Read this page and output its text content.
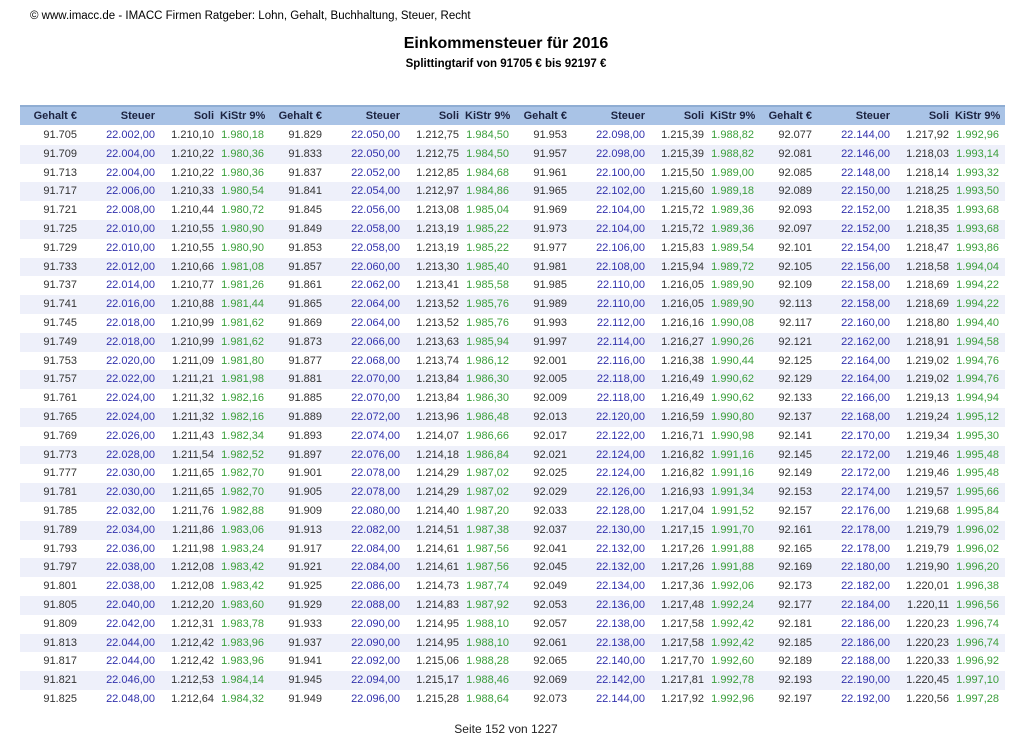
© www.imacc.de - IMACC Firmen Ratgeber: Lohn, Gehalt, Buchhaltung, Steuer, Recht
Einkommensteuer für 2016
Splittingtarif von 91705 € bis 92197 €
Gehalt €	Steuer	Soli	KiStr 9%	Gehalt €	Steuer	Soli	KiStr 9%	Gehalt €	Steuer	Soli	KiStr 9%	Gehalt €	Steuer	Soli	KiStr 9%
91.705	22.002,00	1.210,10	1.980,18	91.829	22.050,00	1.212,75	1.984,50	91.953	22.098,00	1.215,39	1.988,82	92.077	22.144,00	1.217,92	1.992,96
91.709	22.004,00	1.210,22	1.980,36	91.833	22.050,00	1.212,75	1.984,50	91.957	22.098,00	1.215,39	1.988,82	92.081	22.146,00	1.218,03	1.993,14
91.713	22.004,00	1.210,22	1.980,36	91.837	22.052,00	1.212,85	1.984,68	91.961	22.100,00	1.215,50	1.989,00	92.085	22.148,00	1.218,14	1.993,32
91.717	22.006,00	1.210,33	1.980,54	91.841	22.054,00	1.212,97	1.984,86	91.965	22.102,00	1.215,60	1.989,18	92.089	22.150,00	1.218,25	1.993,50
91.721	22.008,00	1.210,44	1.980,72	91.845	22.056,00	1.213,08	1.985,04	91.969	22.104,00	1.215,72	1.989,36	92.093	22.152,00	1.218,35	1.993,68
91.725	22.010,00	1.210,55	1.980,90	91.849	22.058,00	1.213,19	1.985,22	91.973	22.104,00	1.215,72	1.989,36	92.097	22.152,00	1.218,35	1.993,68
91.729	22.010,00	1.210,55	1.980,90	91.853	22.058,00	1.213,19	1.985,22	91.977	22.106,00	1.215,83	1.989,54	92.101	22.154,00	1.218,47	1.993,86
91.733	22.012,00	1.210,66	1.981,08	91.857	22.060,00	1.213,30	1.985,40	91.981	22.108,00	1.215,94	1.989,72	92.105	22.156,00	1.218,58	1.994,04
91.737	22.014,00	1.210,77	1.981,26	91.861	22.062,00	1.213,41	1.985,58	91.985	22.110,00	1.216,05	1.989,90	92.109	22.158,00	1.218,69	1.994,22
91.741	22.016,00	1.210,88	1.981,44	91.865	22.064,00	1.213,52	1.985,76	91.989	22.110,00	1.216,05	1.989,90	92.113	22.158,00	1.218,69	1.994,22
91.745	22.018,00	1.210,99	1.981,62	91.869	22.064,00	1.213,52	1.985,76	91.993	22.112,00	1.216,16	1.990,08	92.117	22.160,00	1.218,80	1.994,40
91.749	22.018,00	1.210,99	1.981,62	91.873	22.066,00	1.213,63	1.985,94	91.997	22.114,00	1.216,27	1.990,26	92.121	22.162,00	1.218,91	1.994,58
91.753	22.020,00	1.211,09	1.981,80	91.877	22.068,00	1.213,74	1.986,12	92.001	22.116,00	1.216,38	1.990,44	92.125	22.164,00	1.219,02	1.994,76
91.757	22.022,00	1.211,21	1.981,98	91.881	22.070,00	1.213,84	1.986,30	92.005	22.118,00	1.216,49	1.990,62	92.129	22.164,00	1.219,02	1.994,76
91.761	22.024,00	1.211,32	1.982,16	91.885	22.070,00	1.213,84	1.986,30	92.009	22.118,00	1.216,49	1.990,62	92.133	22.166,00	1.219,13	1.994,94
91.765	22.024,00	1.211,32	1.982,16	91.889	22.072,00	1.213,96	1.986,48	92.013	22.120,00	1.216,59	1.990,80	92.137	22.168,00	1.219,24	1.995,12
91.769	22.026,00	1.211,43	1.982,34	91.893	22.074,00	1.214,07	1.986,66	92.017	22.122,00	1.216,71	1.990,98	92.141	22.170,00	1.219,34	1.995,30
91.773	22.028,00	1.211,54	1.982,52	91.897	22.076,00	1.214,18	1.986,84	92.021	22.124,00	1.216,82	1.991,16	92.145	22.172,00	1.219,46	1.995,48
91.777	22.030,00	1.211,65	1.982,70	91.901	22.078,00	1.214,29	1.987,02	92.025	22.124,00	1.216,82	1.991,16	92.149	22.172,00	1.219,46	1.995,48
91.781	22.030,00	1.211,65	1.982,70	91.905	22.078,00	1.214,29	1.987,02	92.029	22.126,00	1.216,93	1.991,34	92.153	22.174,00	1.219,57	1.995,66
91.785	22.032,00	1.211,76	1.982,88	91.909	22.080,00	1.214,40	1.987,20	92.033	22.128,00	1.217,04	1.991,52	92.157	22.176,00	1.219,68	1.995,84
91.789	22.034,00	1.211,86	1.983,06	91.913	22.082,00	1.214,51	1.987,38	92.037	22.130,00	1.217,15	1.991,70	92.161	22.178,00	1.219,79	1.996,02
91.793	22.036,00	1.211,98	1.983,24	91.917	22.084,00	1.214,61	1.987,56	92.041	22.132,00	1.217,26	1.991,88	92.165	22.178,00	1.219,79	1.996,02
91.797	22.038,00	1.212,08	1.983,42	91.921	22.084,00	1.214,61	1.987,56	92.045	22.132,00	1.217,26	1.991,88	92.169	22.180,00	1.219,90	1.996,20
91.801	22.038,00	1.212,08	1.983,42	91.925	22.086,00	1.214,73	1.987,74	92.049	22.134,00	1.217,36	1.992,06	92.173	22.182,00	1.220,01	1.996,38
91.805	22.040,00	1.212,20	1.983,60	91.929	22.088,00	1.214,83	1.987,92	92.053	22.136,00	1.217,48	1.992,24	92.177	22.184,00	1.220,11	1.996,56
91.809	22.042,00	1.212,31	1.983,78	91.933	22.090,00	1.214,95	1.988,10	92.057	22.138,00	1.217,58	1.992,42	92.181	22.186,00	1.220,23	1.996,74
91.813	22.044,00	1.212,42	1.983,96	91.937	22.090,00	1.214,95	1.988,10	92.061	22.138,00	1.217,58	1.992,42	92.185	22.186,00	1.220,23	1.996,74
91.817	22.044,00	1.212,42	1.983,96	91.941	22.092,00	1.215,06	1.988,28	92.065	22.140,00	1.217,70	1.992,60	92.189	22.188,00	1.220,33	1.996,92
91.821	22.046,00	1.212,53	1.984,14	91.945	22.094,00	1.215,17	1.988,46	92.069	22.142,00	1.217,81	1.992,78	92.193	22.190,00	1.220,45	1.997,10
91.825	22.048,00	1.212,64	1.984,32	91.949	22.096,00	1.215,28	1.988,64	92.073	22.144,00	1.217,92	1.992,96	92.197	22.192,00	1.220,56	1.997,28
Seite 152 von 1227
